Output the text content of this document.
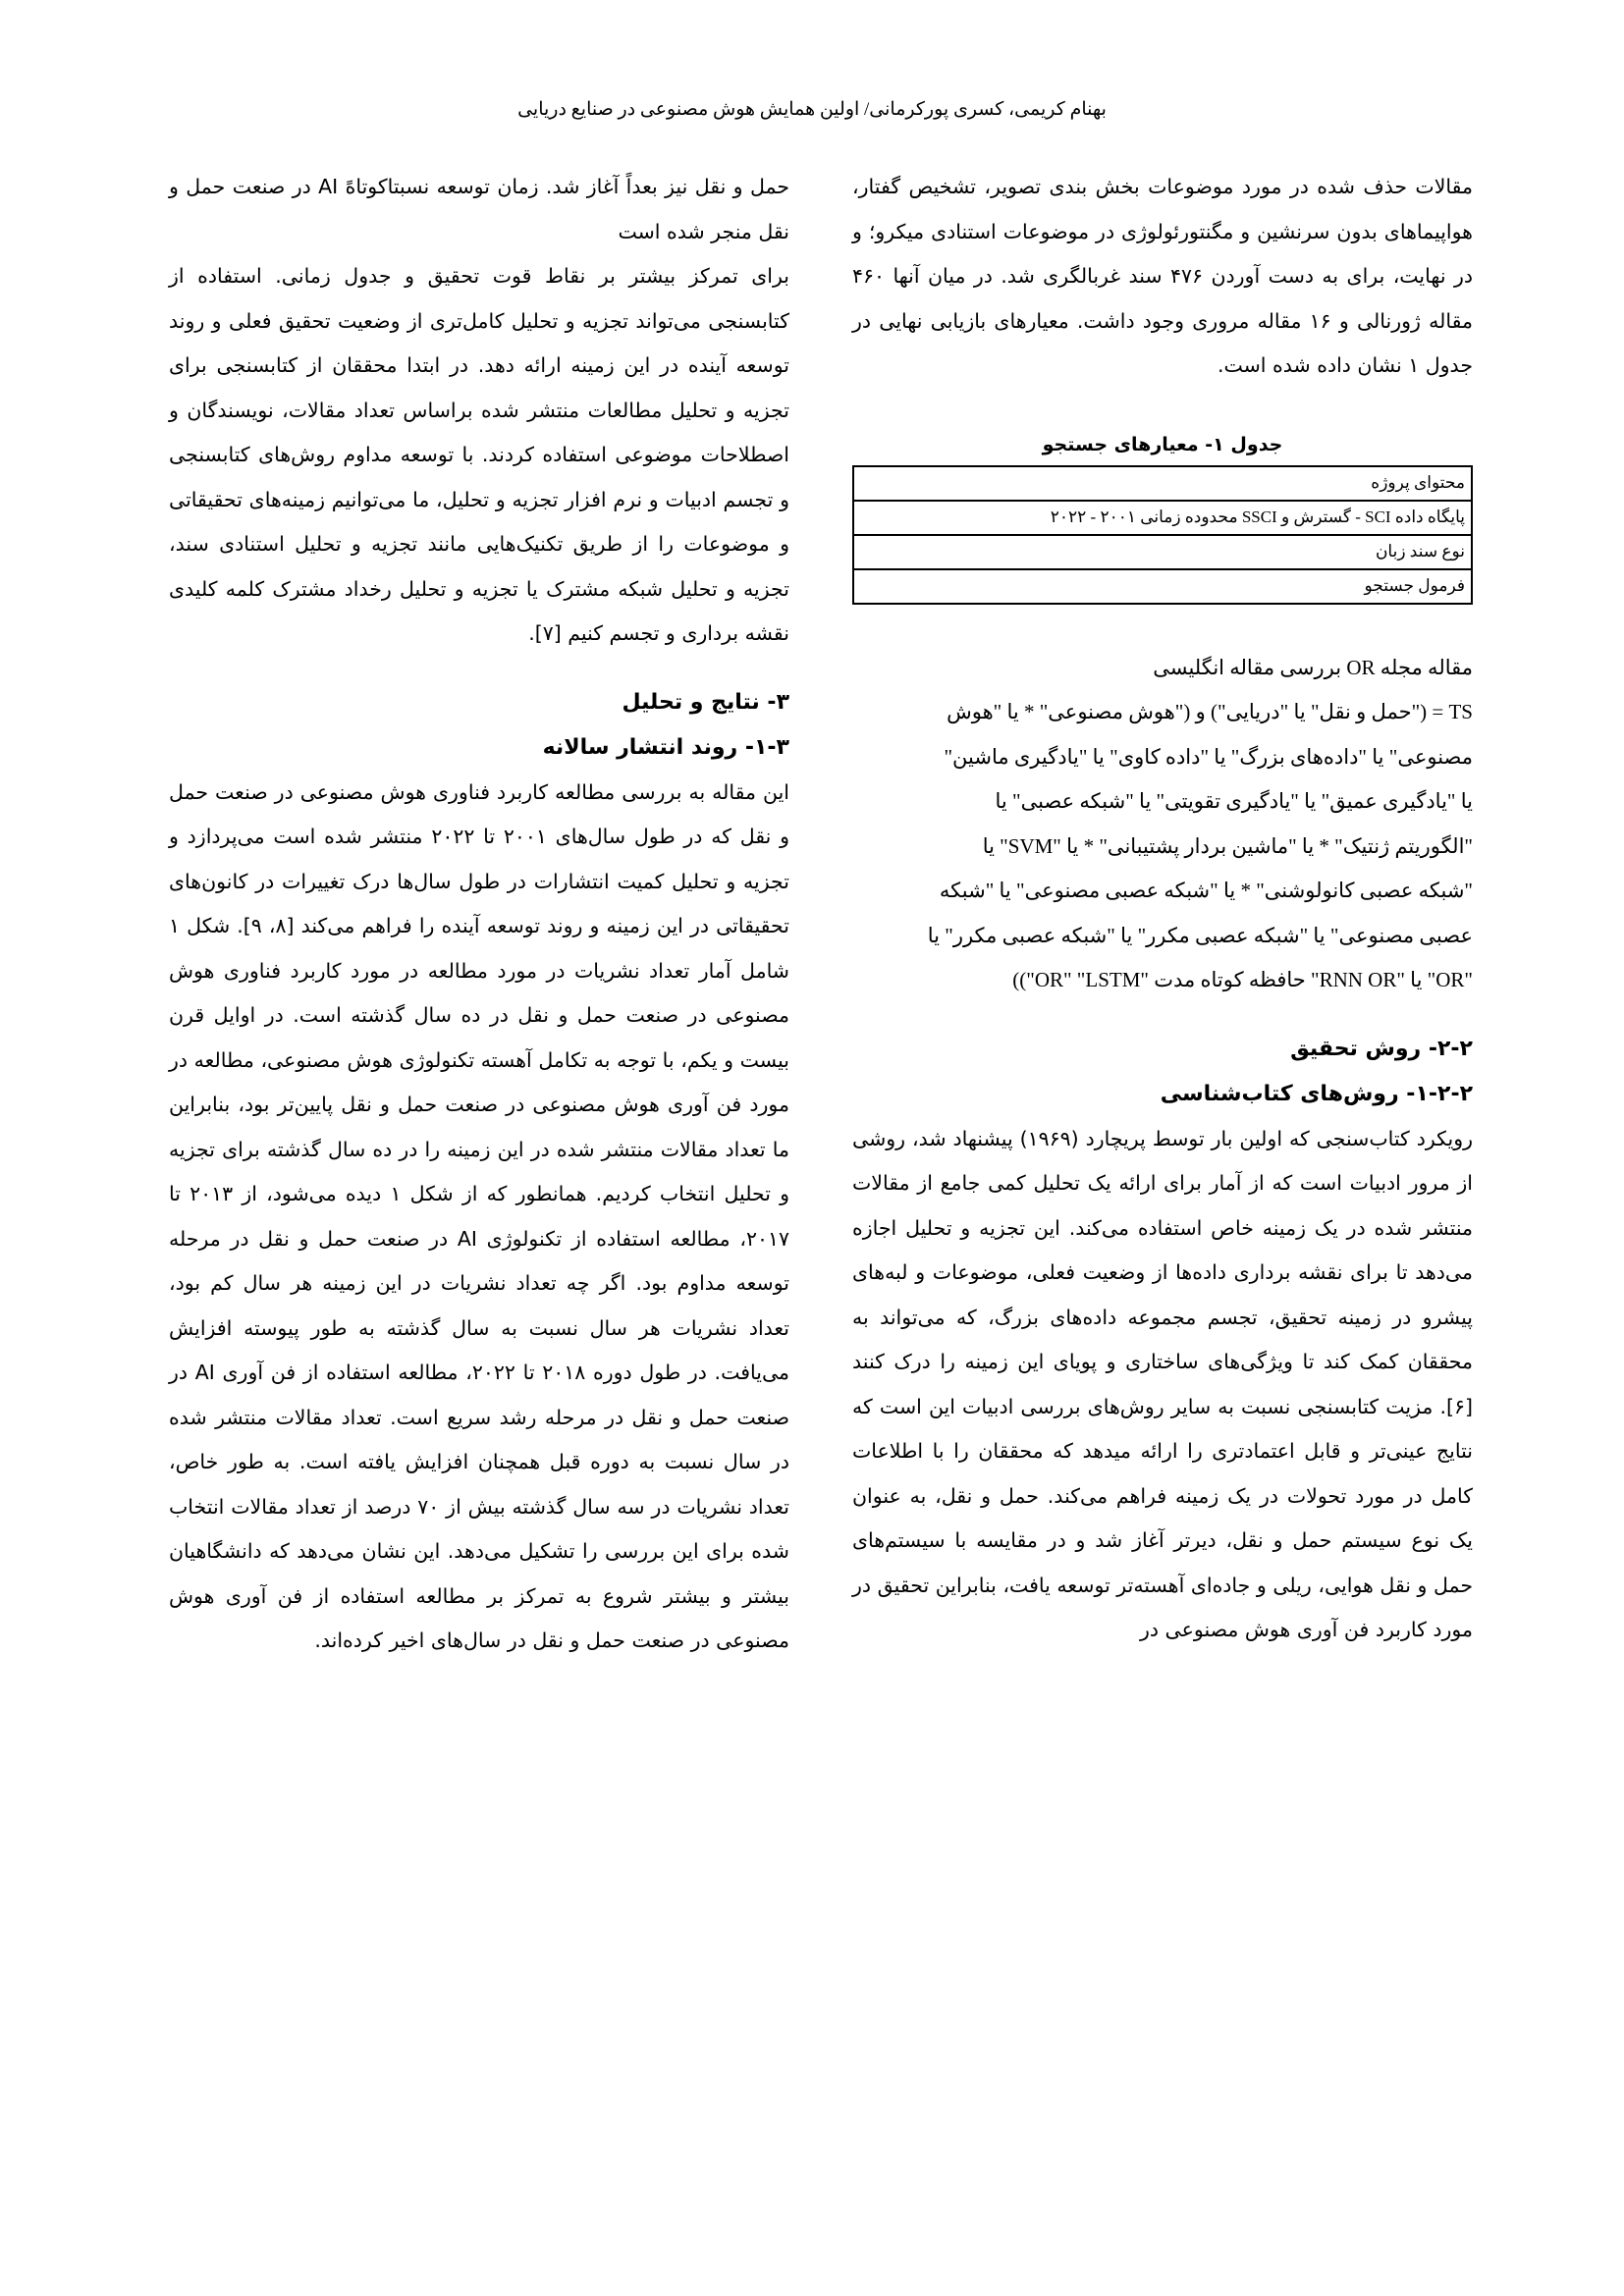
بهنام کریمی، کسری پورکرمانی/ اولین همایش هوش مصنوعی در صنایع دریایی

مقالات حذف شده در مورد موضوعات بخش بندی تصویر، تشخیص گفتار، هواپیماهای بدون سرنشین و مگنتورئولوژی در موضوعات استنادی میکرو؛ و در نهایت، برای به دست آوردن ۴۷۶ سند غربالگری شد. در میان آنها ۴۶۰ مقاله ژورنالی و ۱۶ مقاله مروری وجود داشت. معیارهای بازیابی نهایی در جدول ۱ نشان داده شده است.

جدول ۱- معیارهای جستجو
محتوای پروژه
پایگاه داده SCI - گسترش و SSCI محدوده زمانی ۲۰۰۱ - ۲۰۲۲
نوع سند زبان
فرمول جستجو
مقاله مجله OR بررسی مقاله انگلیسی
TS = ("حمل و نقل" یا "دریایی") و ("هوش مصنوعی" * یا "هوش
مصنوعی" یا "داده‌های بزرگ" یا "داده کاوی" یا "یادگیری ماشین"
یا "یادگیری عمیق" یا "یادگیری تقویتی" یا "شبکه عصبی" یا
"الگوریتم ژنتیک" * یا "ماشین بردار پشتیبانی" * یا "SVM" یا
"شبکه عصبی کانولوشنی" * یا "شبکه عصبی مصنوعی" یا "شبکه
عصبی مصنوعی" یا "شبکه عصبی مکرر" یا "شبکه عصبی مکرر" یا
"OR" یا "RNN OR" حافظه کوتاه مدت "OR" "LSTM"))
۲-۲- روش تحقیق
۱-۲-۲- روش‌های کتاب‌شناسی

رویکرد کتاب‌سنجی که اولین بار توسط پریچارد (۱۹۶۹) پیشنهاد شد، روشی از مرور ادبیات است که از آمار برای ارائه یک تحلیل کمی جامع از مقالات منتشر شده در یک زمینه خاص استفاده می‌کند. این تجزیه و تحلیل اجازه می‌دهد تا برای نقشه برداری داده‌ها از وضعیت فعلی، موضوعات و لبه‌های پیشرو در زمینه تحقیق، تجسم مجموعه داده‌های بزرگ، که می‌تواند به محققان کمک کند تا ویژگی‌های ساختاری و پویای این زمینه را درک کنند [۶]. مزیت کتابسنجی نسبت به سایر روش‌های بررسی ادبیات این است که نتایج عینی‌تر و قابل اعتمادتری را ارائه میدهد که محققان را با اطلاعات کامل در مورد تحولات در یک زمینه فراهم می‌کند. حمل و نقل، به عنوان یک نوع سیستم حمل و نقل، دیرتر آغاز شد و در مقایسه با سیستم‌های حمل و نقل هوایی، ریلی و جاده‌ای آهسته‌تر توسعه یافت، بنابراین تحقیق در مورد کاربرد فن آوری هوش مصنوعی در

حمل و نقل نیز بعداً آغاز شد. زمان توسعه نسبتاکوتاهً AI در صنعت حمل و نقل منجر شده است

برای تمرکز بیشتر بر نقاط قوت تحقیق و جدول زمانی. استفاده از کتابسنجی می‌تواند تجزیه و تحلیل کامل‌تری از وضعیت تحقیق فعلی و روند توسعه آینده در این زمینه ارائه دهد. در ابتدا محققان از کتابسنجی برای تجزیه و تحلیل مطالعات منتشر شده براساس تعداد مقالات، نویسندگان و اصطلاحات موضوعی استفاده کردند. با توسعه مداوم روش‌های کتابسنجی و تجسم ادبیات و نرم افزار تجزیه و تحلیل، ما می‌توانیم زمینه‌های تحقیقاتی و موضوعات را از طریق تکنیک‌هایی مانند تجزیه و تحلیل استنادی سند، تجزیه و تحلیل شبکه مشترک یا تجزیه و تحلیل رخداد مشترک کلمه کلیدی نقشه برداری و تجسم کنیم [۷].

۳- نتایج و تحلیل
۱-۳- روند انتشار سالانه

این مقاله به بررسی مطالعه کاربرد فناوری هوش مصنوعی در صنعت حمل و نقل که در طول سال‌های ۲۰۰۱ تا ۲۰۲۲ منتشر شده است می‌پردازد و تجزیه و تحلیل کمیت انتشارات در طول سال‌ها درک تغییرات در کانون‌های تحقیقاتی در این زمینه و روند توسعه آینده را فراهم می‌کند [۸، ۹]. شکل ۱ شامل آمار تعداد نشریات در مورد مطالعه در مورد کاربرد فناوری هوش مصنوعی در صنعت حمل و نقل در ده سال گذشته است. در اوایل قرن بیست و یکم، با توجه به تکامل آهسته تکنولوژی هوش مصنوعی، مطالعه در مورد فن آوری هوش مصنوعی در صنعت حمل و نقل پایین‌تر بود، بنابراین ما تعداد مقالات منتشر شده در این زمینه را در ده سال گذشته برای تجزیه و تحلیل انتخاب کردیم. همانطور که از شکل ۱ دیده می‌شود، از ۲۰۱۳ تا ۲۰۱۷، مطالعه استفاده از تکنولوژی AI در صنعت حمل و نقل در مرحله توسعه مداوم بود. اگر چه تعداد نشریات در این زمینه هر سال کم بود، تعداد نشریات هر سال نسبت به سال گذشته به طور پیوسته افزایش می‌یافت. در طول دوره ۲۰۱۸ تا ۲۰۲۲، مطالعه استفاده از فن آوری AI در صنعت حمل و نقل در مرحله رشد سریع است. تعداد مقالات منتشر شده در سال نسبت به دوره قبل همچنان افزایش یافته است. به طور خاص، تعداد نشریات در سه سال گذشته بیش از ۷۰ درصد از تعداد مقالات انتخاب شده برای این بررسی را تشکیل می‌دهد. این نشان می‌دهد که دانشگاهیان بیشتر و بیشتر شروع به تمرکز بر مطالعه استفاده از فن آوری هوش مصنوعی در صنعت حمل و نقل در سال‌های اخیر کرده‌اند.
